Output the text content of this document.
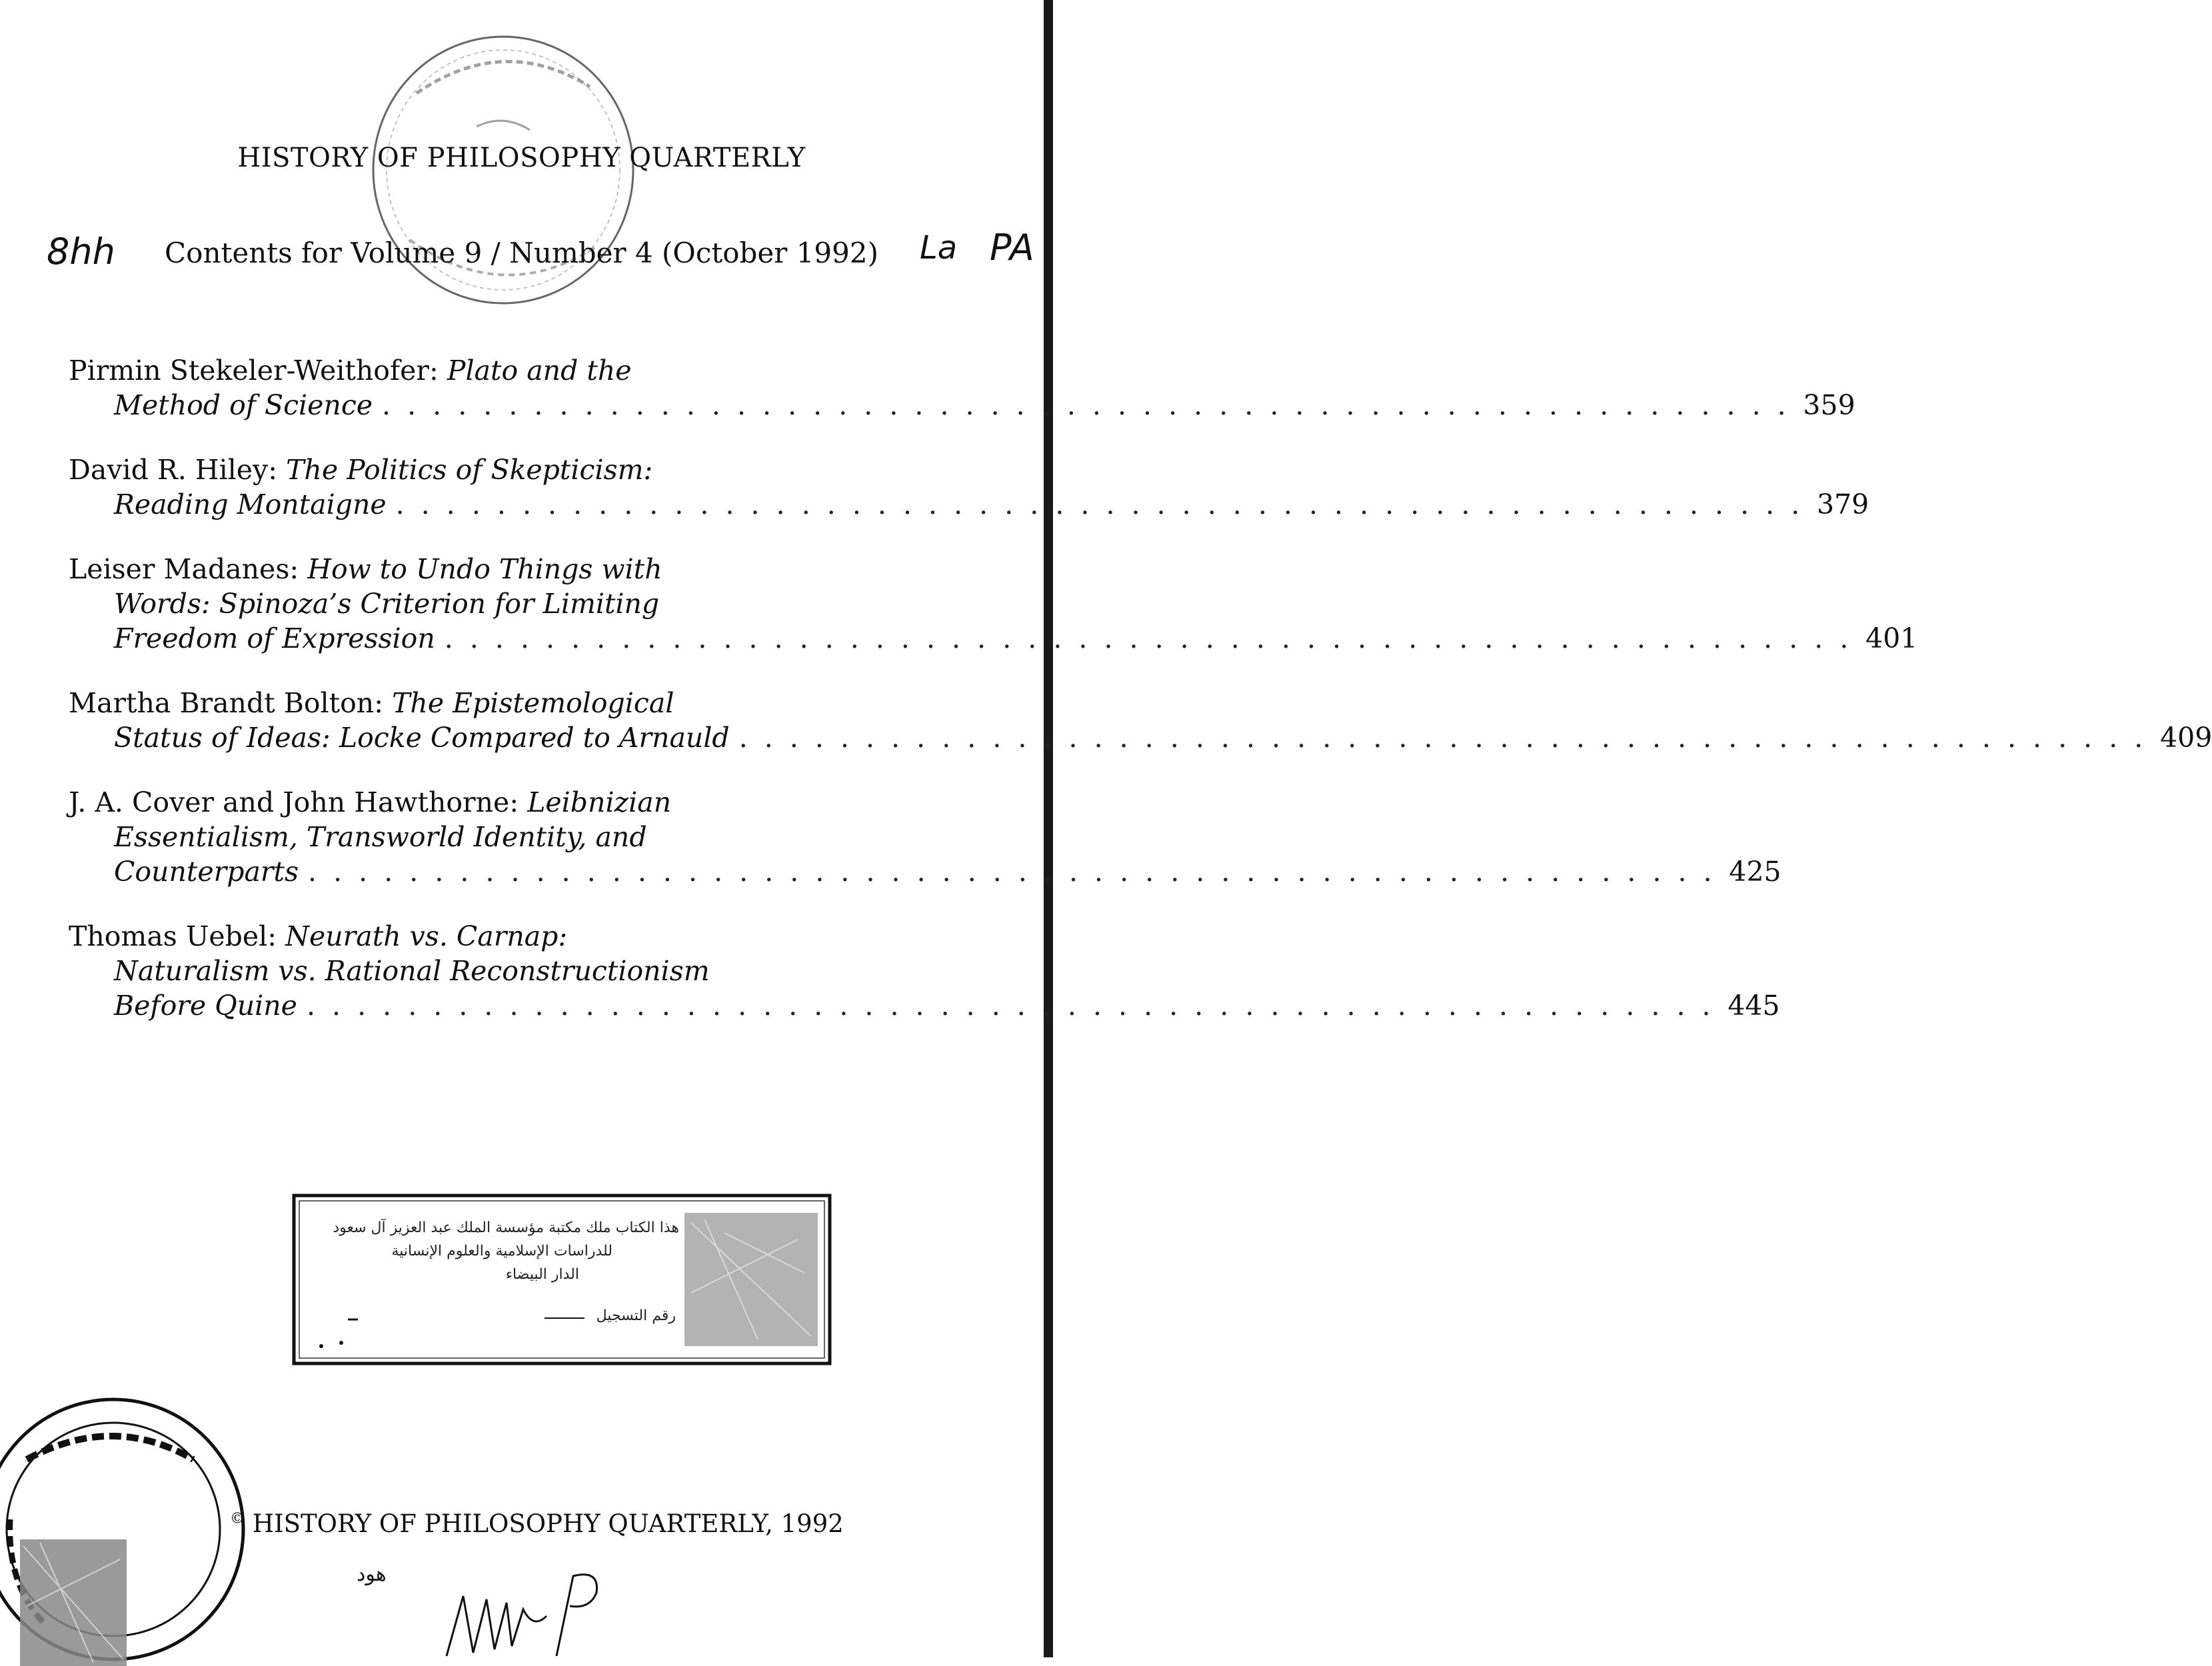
HISTORY OF PHILOSOPHY QUARTERLY
Contents for Volume 9 / Number 4 (October 1992)
8ℎℎ	La PA
Pirmin Stekeler-Weithofer: Plato and the
Method of Science . . . . . . . . . . . . . . . . . . . . . . . . . . . . . . . . . . . . . . . . . . . . . . . . . . . . . . . . 359
David R. Hiley: The Politics of Skepticism:
Reading Montaigne . . . . . . . . . . . . . . . . . . . . . . . . . . . . . . . . . . . . . . . . . . . . . . . . . . . . . . . . 379
Leiser Madanes: How to Undo Things with
Words: Spinoza’s Criterion for Limiting
Freedom of Expression . . . . . . . . . . . . . . . . . . . . . . . . . . . . . . . . . . . . . . . . . . . . . . . . . . . . . . . . 401
Martha Brandt Bolton: The Epistemological
Status of Ideas: Locke Compared to Arnauld . . . . . . . . . . . . . . . . . . . . . . . . . . . . . . . . . . . . . . . . . . . . . . . . . . . . . . . . 409
J. A. Cover and John Hawthorne: Leibnizian
Essentialism, Transworld Identity, and
Counterparts . . . . . . . . . . . . . . . . . . . . . . . . . . . . . . . . . . . . . . . . . . . . . . . . . . . . . . . . 425
Thomas Uebel: Neurath vs. Carnap:
Naturalism vs. Rational Reconstructionism
Before Quine . . . . . . . . . . . . . . . . . . . . . . . . . . . . . . . . . . . . . . . . . . . . . . . . . . . . . . . . 445
هذا الكتاب ملك مكتبة مؤسسة الملك عبد العزيز آل سعود
للدراسات الإسلامية والعلوم الإنسانية
الدار البيضاء
رقم التسجيل
© HISTORY OF PHILOSOPHY QUARTERLY, 1992
هود
